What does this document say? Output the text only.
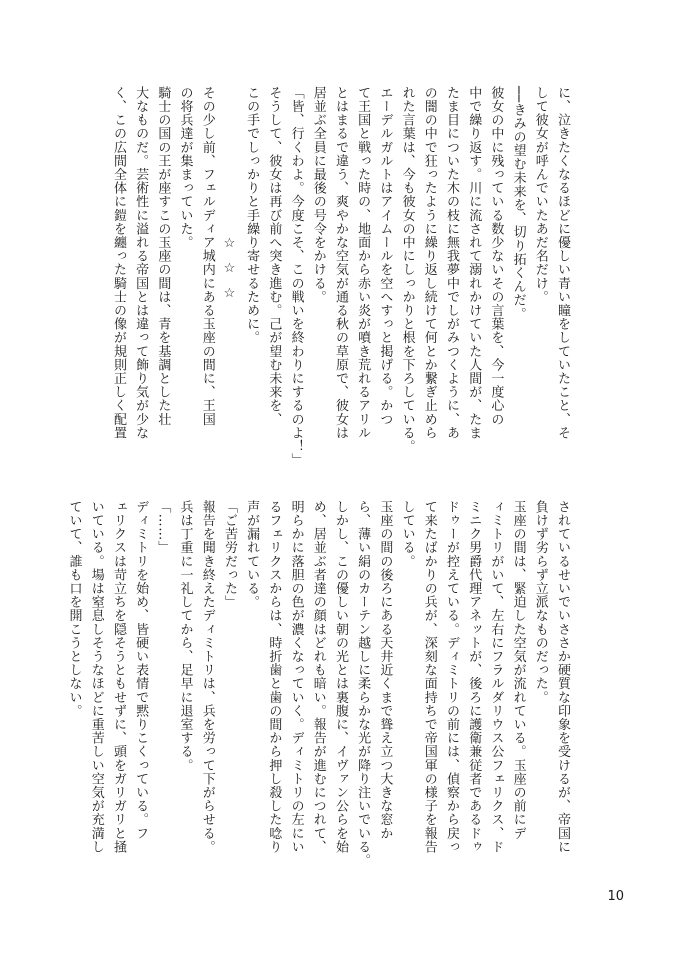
に、泣きたくなるほどに優しい青い瞳をしていたこと、そ
して彼女が呼んでいたあだ名だけ。
──きみの望む未来を、切り拓くんだ。
彼女の中に残っている数少ないその言葉を、今一度心の
中で繰り返す。川に流されて溺れかけていた人間が、たま
たま目についた木の枝に無我夢中でしがみつくように、あ
の闇の中で狂ったように繰り返し続けて何とか繋ぎ止めら
れた言葉は、今も彼女の中にしっかりと根を下ろしている。
エーデルガルトはアイムールを空へすっと掲げる。かつ
て王国と戦った時の、地面から赤い炎が噴き荒れるアリル
とはまるで違う、爽やかな空気が通る秋の草原で、彼女は
居並ぶ全員に最後の号令をかける。
「皆、行くわよ。今度こそ、この戦いを終わりにするのよ！」
そうして、彼女は再び前へ突き進む。己が望む未来を、
この手でしっかりと手繰り寄せるために。
☆☆☆
その少し前、フェルディア城内にある玉座の間に、王国
の将兵達が集まっていた。
騎士の国の王が座すこの玉座の間は、青を基調とした壮
大なものだ。芸術性に溢れる帝国とは違って飾り気が少な
く、この広間全体に鎧を纏った騎士の像が規則正しく配置
されているせいでいささか硬質な印象を受けるが、帝国に
負けず劣らず立派なものだった。
玉座の間は、緊迫した空気が流れている。玉座の前にデ
ィミトリがいて、左右にフラルダリウス公フェリクス、ド
ミニク男爵代理アネットが、後ろに護衛兼従者であるドゥ
ドゥーが控えている。ディミトリの前には、偵察から戻っ
て来たばかりの兵が、深刻な面持ちで帝国軍の様子を報告
している。
玉座の間の後ろにある天井近くまで聳え立つ大きな窓か
ら、薄い絹のカーテン越しに柔らかな光が降り注いでいる。
しかし、この優しい朝の光とは裏腹に、イヴァン公らを始
め、居並ぶ者達の顔はどれも暗い。報告が進むにつれて、
明らかに落胆の色が濃くなっていく。ディミトリの左にい
るフェリクスからは、時折歯と歯の間から押し殺した唸り
声が漏れている。
「ご苦労だった」
報告を聞き終えたディミトリは、兵を労って下がらせる。
兵は丁重に一礼してから、足早に退室する。
「……」
ディミトリを始め、皆硬い表情で黙りこくっている。フ
ェリクスは苛立ちを隠そうともせずに、頭をガリガリと掻
いている。場は窒息しそうなほどに重苦しい空気が充満し
ていて、誰も口を開こうとしない。
10
